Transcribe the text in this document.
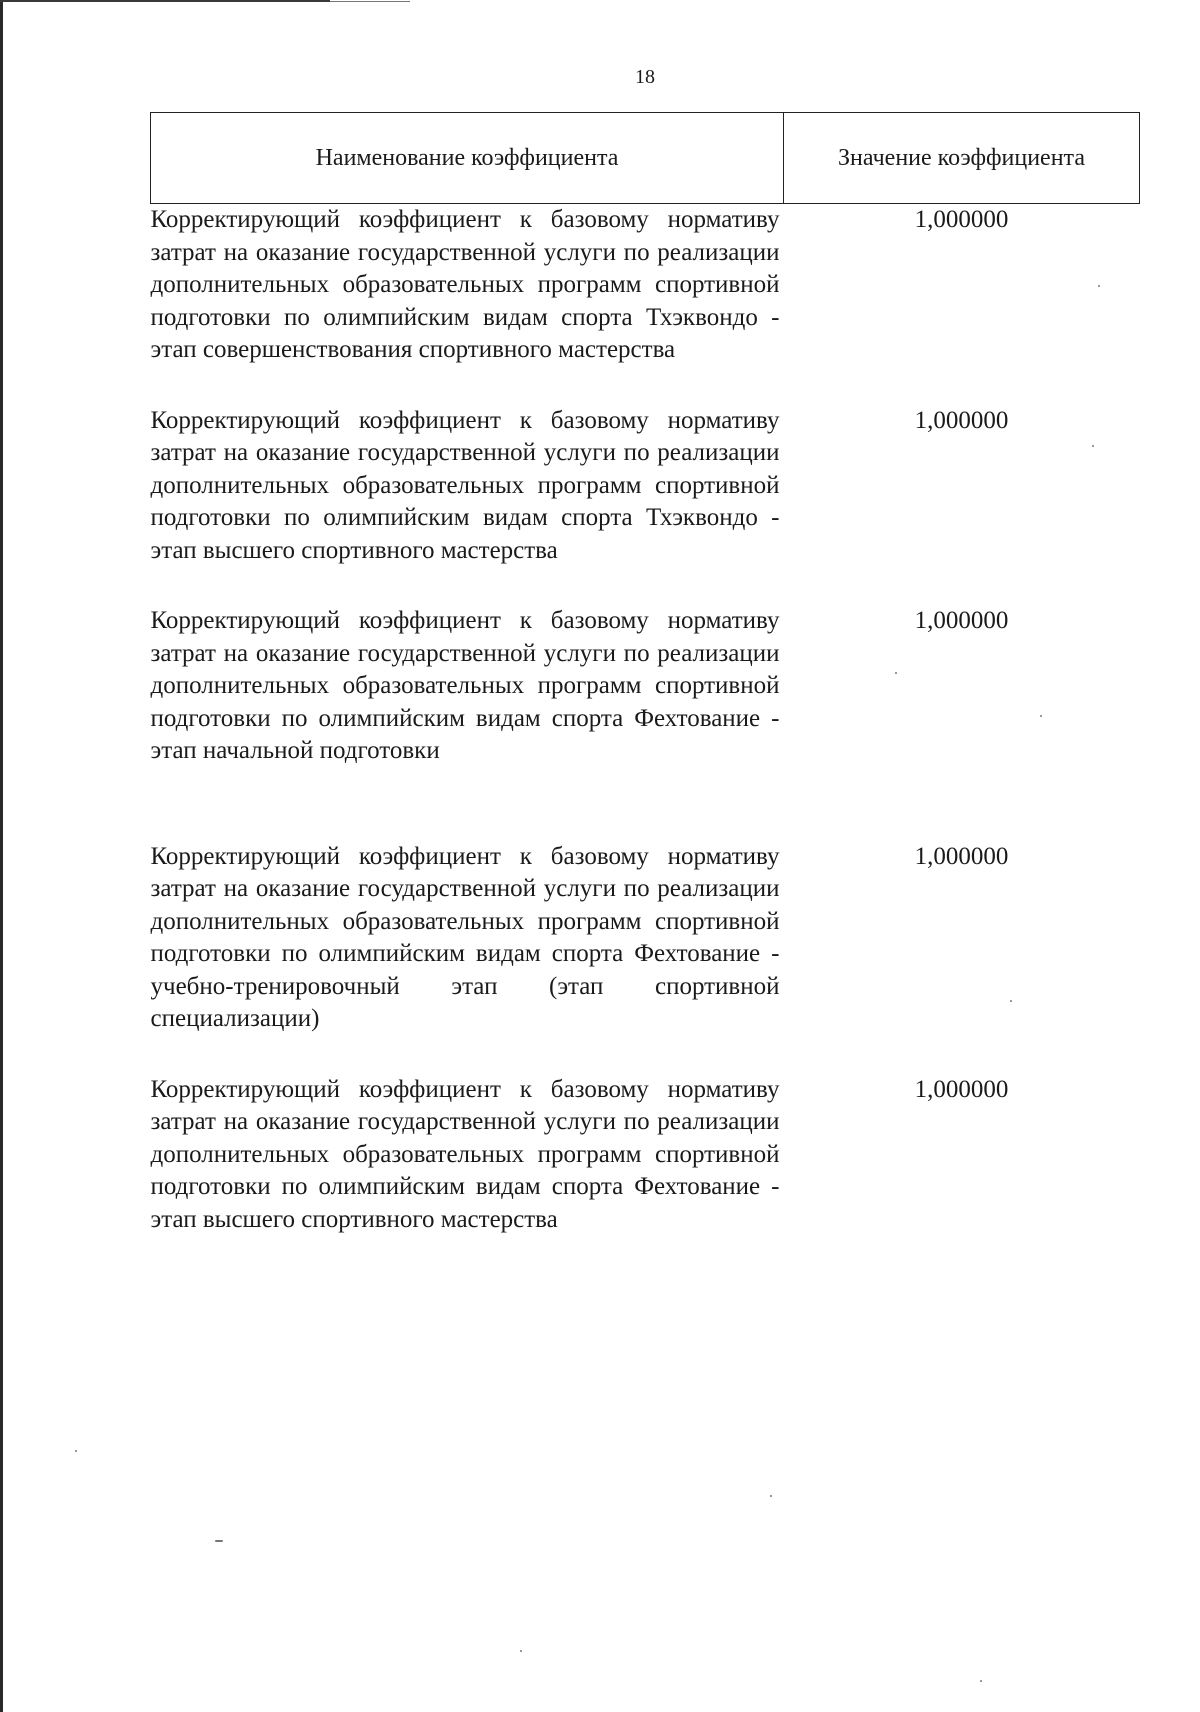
18
Наименование коэффициента	Значение коэффициента
Корректирующий коэффициент к базовому нормативу затрат на оказание государственной услуги по реализации дополнительных образовательных программ спортивной подготовки по олимпийским видам спорта Тхэквондо - этап совершенствования спортивного мастерства	1,000000

Корректирующий коэффициент к базовому нормативу затрат на оказание государственной услуги по реализации дополнительных образовательных программ спортивной подготовки по олимпийским видам спорта Тхэквондо - этап высшего спортивного мастерства	1,000000

Корректирующий коэффициент к базовому нормативу затрат на оказание государственной услуги по реализации дополнительных образовательных программ спортивной подготовки по олимпийским видам спорта Фехтование - этап начальной подготовки	1,000000

Корректирующий коэффициент к базовому нормативу затрат на оказание государственной услуги по реализации дополнительных образовательных программ спортивной подготовки по олимпийским видам спорта Фехтование - учебно-тренировочный этап (этап спортивной специализации)	1,000000

Корректирующий коэффициент к базовому нормативу затрат на оказание государственной услуги по реализации дополнительных образовательных программ спортивной подготовки по олимпийским видам спорта Фехтование - этап высшего спортивного мастерства	1,000000
